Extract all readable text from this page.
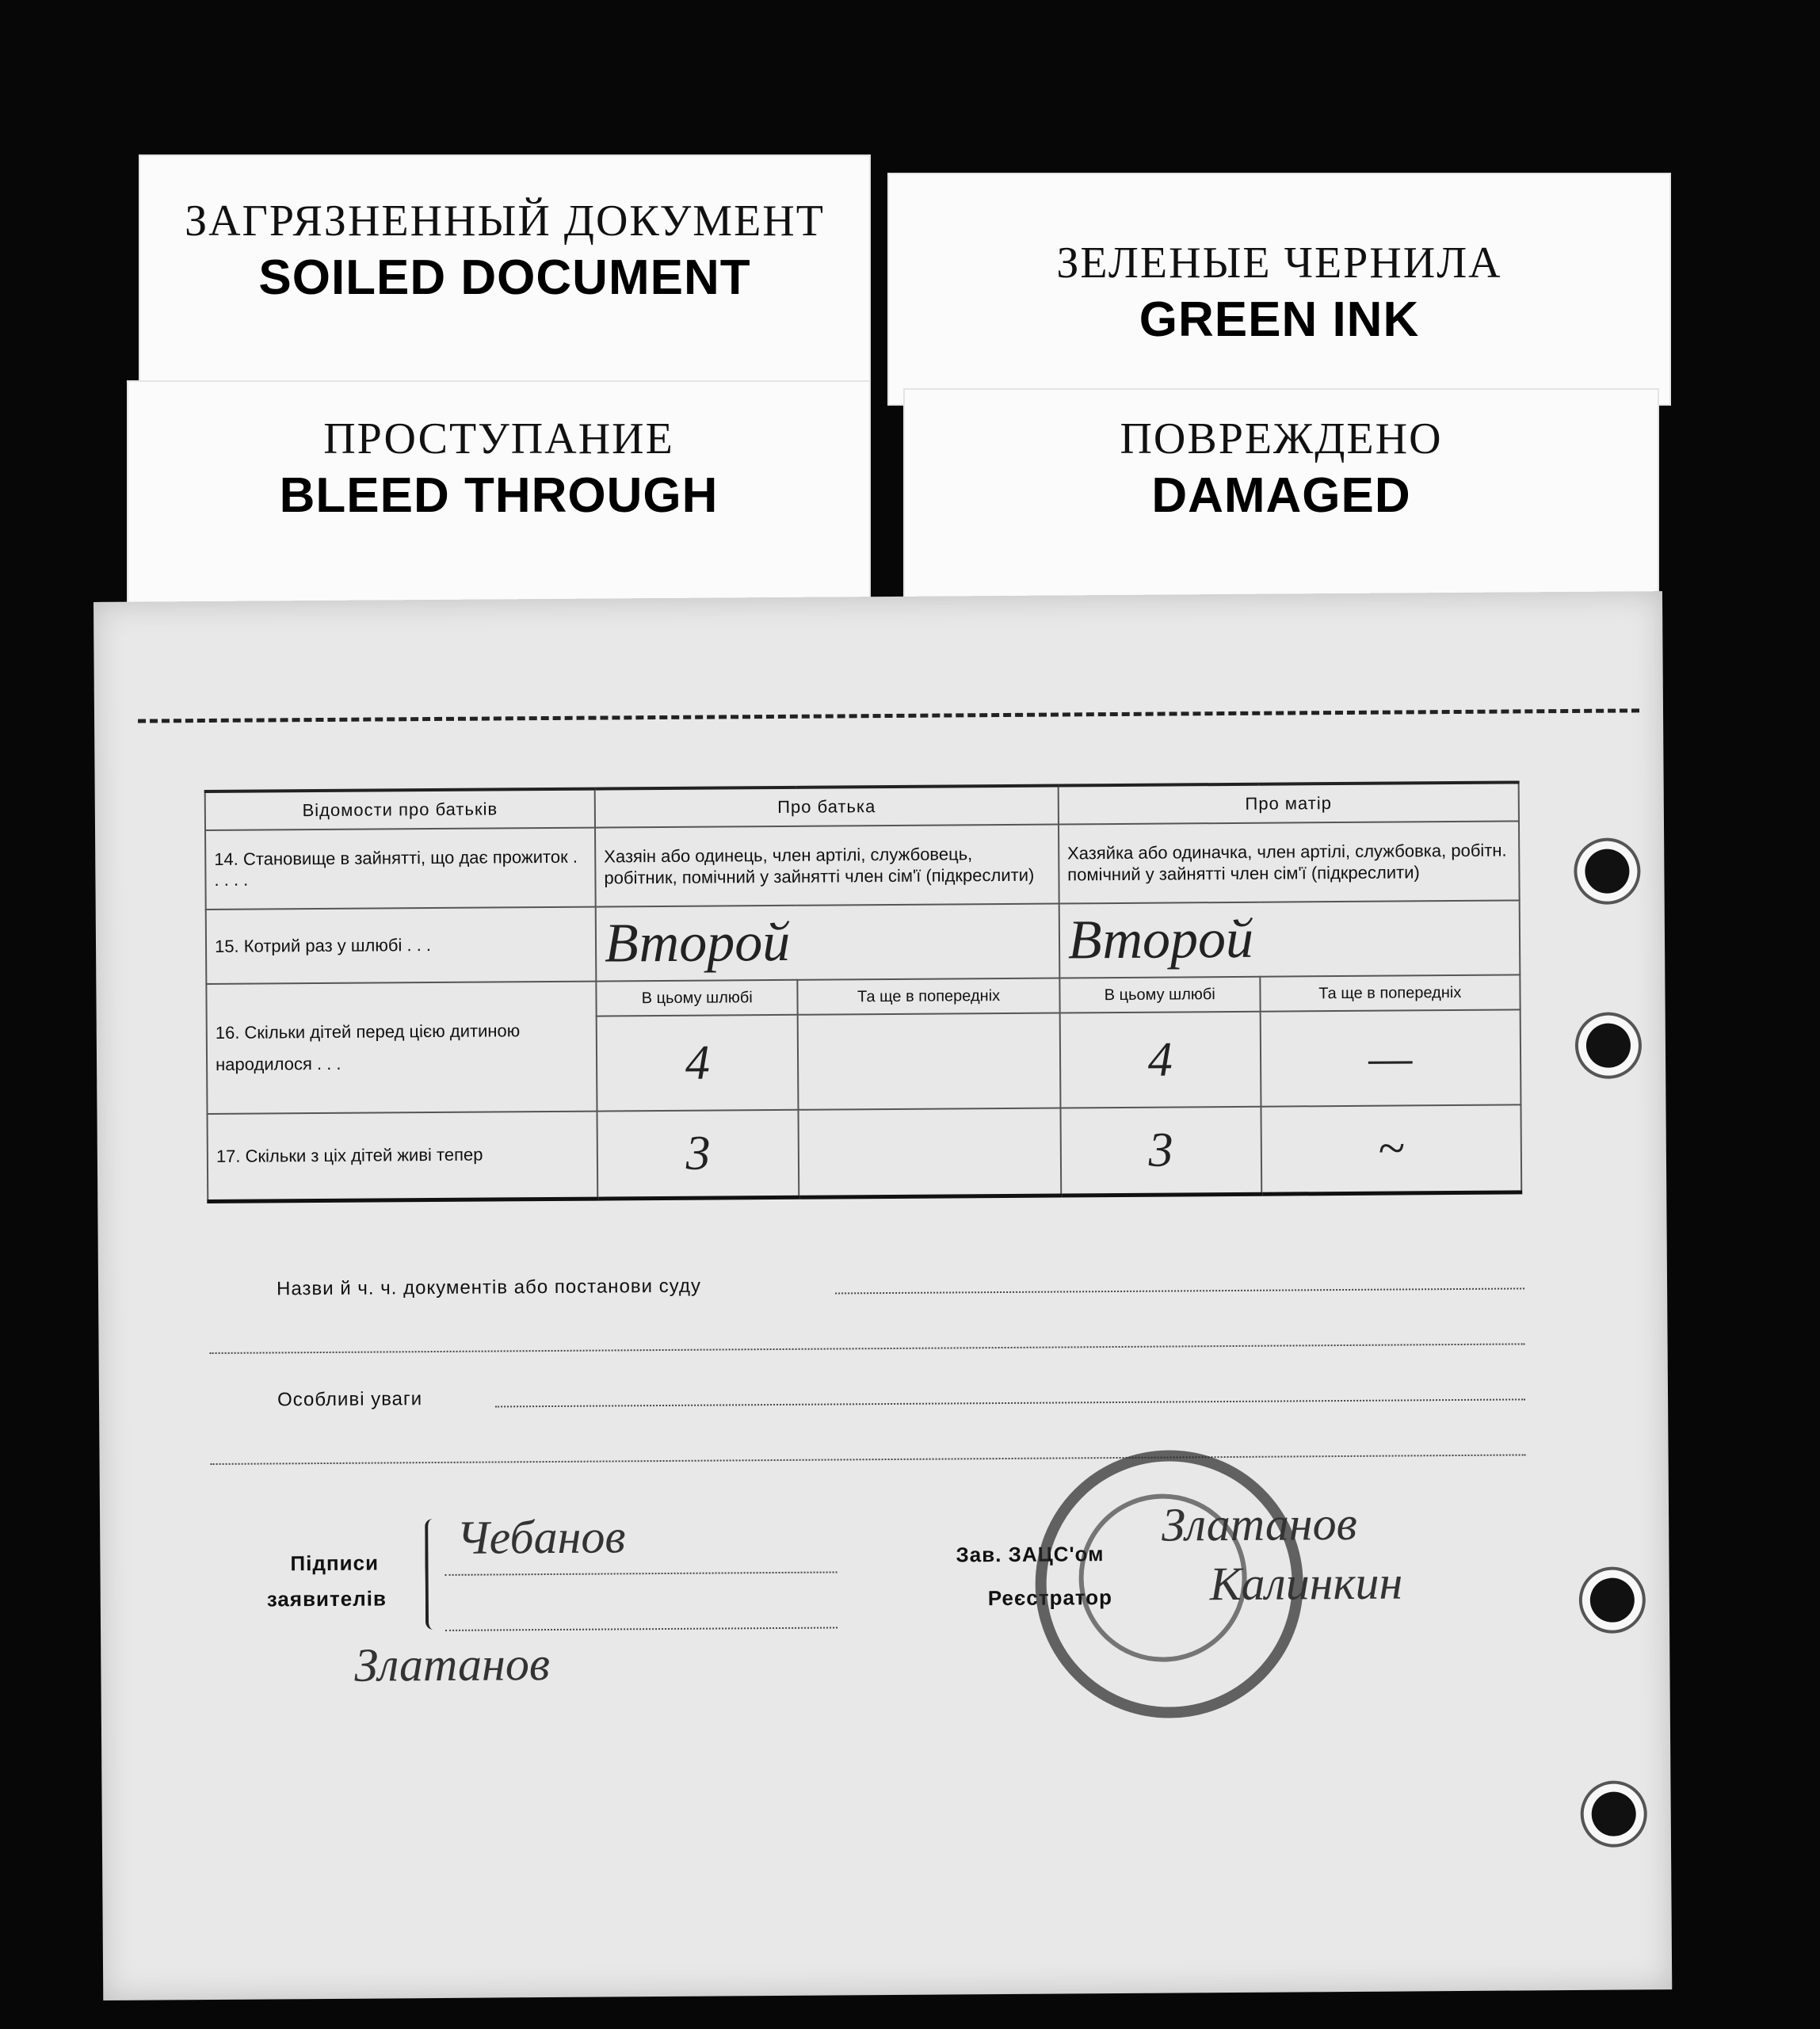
ЗАГРЯЗНЕННЫЙ ДОКУМЕНТ
SOILED DOCUMENT	ЗЕЛЕНЫЕ ЧЕРНИЛА
GREEN INK
ПРОСТУПАНИЕ
BLEED THROUGH
ПОВРЕЖДЕНО
DAMAGED
Відомости про батьків	Про батька		Про матір	
14. Становище в зайнятті, що дає прожиток . . . . .	Хазяін або одинець, член артілі, службовець, робітник, помічний у зайнятті член сім'ї (підкреслити)		Хазяйка або одиначка, член артілі, службовка, робітн. помічний у зайнятті член сім'ї (підкреслити)	
15. Котрий раз у шлюбі . . .	Второй		Второй	
16. Скільки дітей перед цією дитиною народилося . . .	В цьому шлюбі	Та ще в попередніх	В цьому шлюбі	Та ще в попередніх
	4		4	—
17. Скільки з ціх дітей живі тепер	3		3	~
Назви й ч. ч. документів або постанови суду
Особливі уваги
Підписи
заявителів
Чебанов
Златанов
Зав. ЗАЦС'ом
Реєстратор
Златанов
Калинкин
